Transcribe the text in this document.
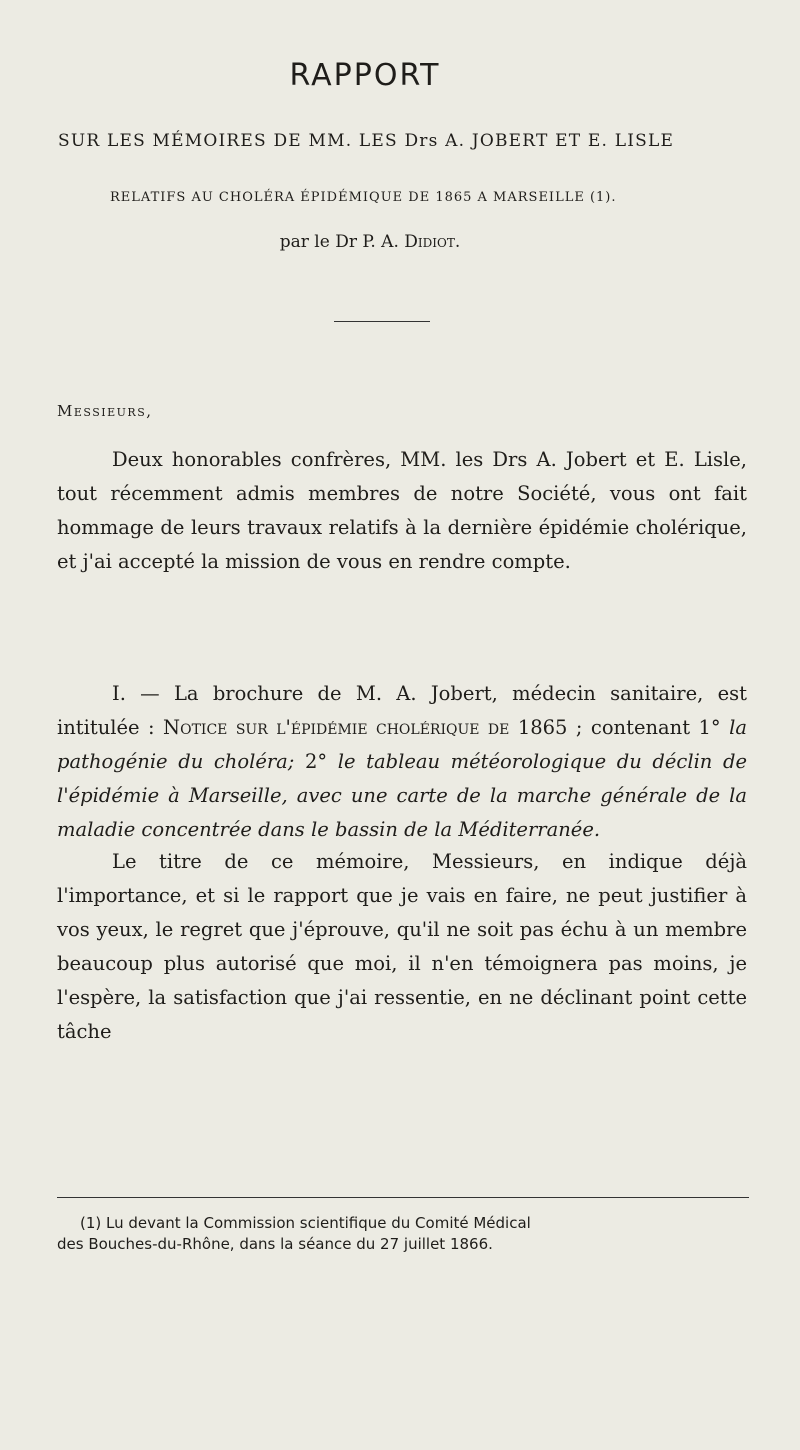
RAPPORT
SUR LES MÉMOIRES DE MM. LES Drs A. JOBERT ET E. LISLE
RELATIFS AU CHOLÉRA ÉPIDÉMIQUE DE 1865 A MARSEILLE (1).
par le Dr P. A. Didiot.
Messieurs,
Deux honorables confrères, MM. les Drs A. Jobert et E. Lisle, tout récemment admis membres de notre Société, vous ont fait hommage de leurs travaux relatifs à la dernière épidémie cholérique, et j'ai accepté la mission de vous en rendre compte.
I. — La brochure de M. A. Jobert, médecin sanitaire, est intitulée : Notice sur l'épidémie cholérique de 1865 ; contenant 1° la pathogénie du choléra; 2° le tableau météorologique du déclin de l'épidémie à Marseille, avec une carte de la marche générale de la maladie concentrée dans le bassin de la Méditerranée.
Le titre de ce mémoire, Messieurs, en indique déjà l'importance, et si le rapport que je vais en faire, ne peut justifier à vos yeux, le regret que j'éprouve, qu'il ne soit pas échu à un membre beaucoup plus autorisé que moi, il n'en témoignera pas moins, je l'espère, la satisfaction que j'ai ressentie, en ne déclinant point cette tâche
(1) Lu devant la Commission scientifique du Comité Médical
des Bouches-du-Rhône, dans la séance du 27 juillet 1866.
